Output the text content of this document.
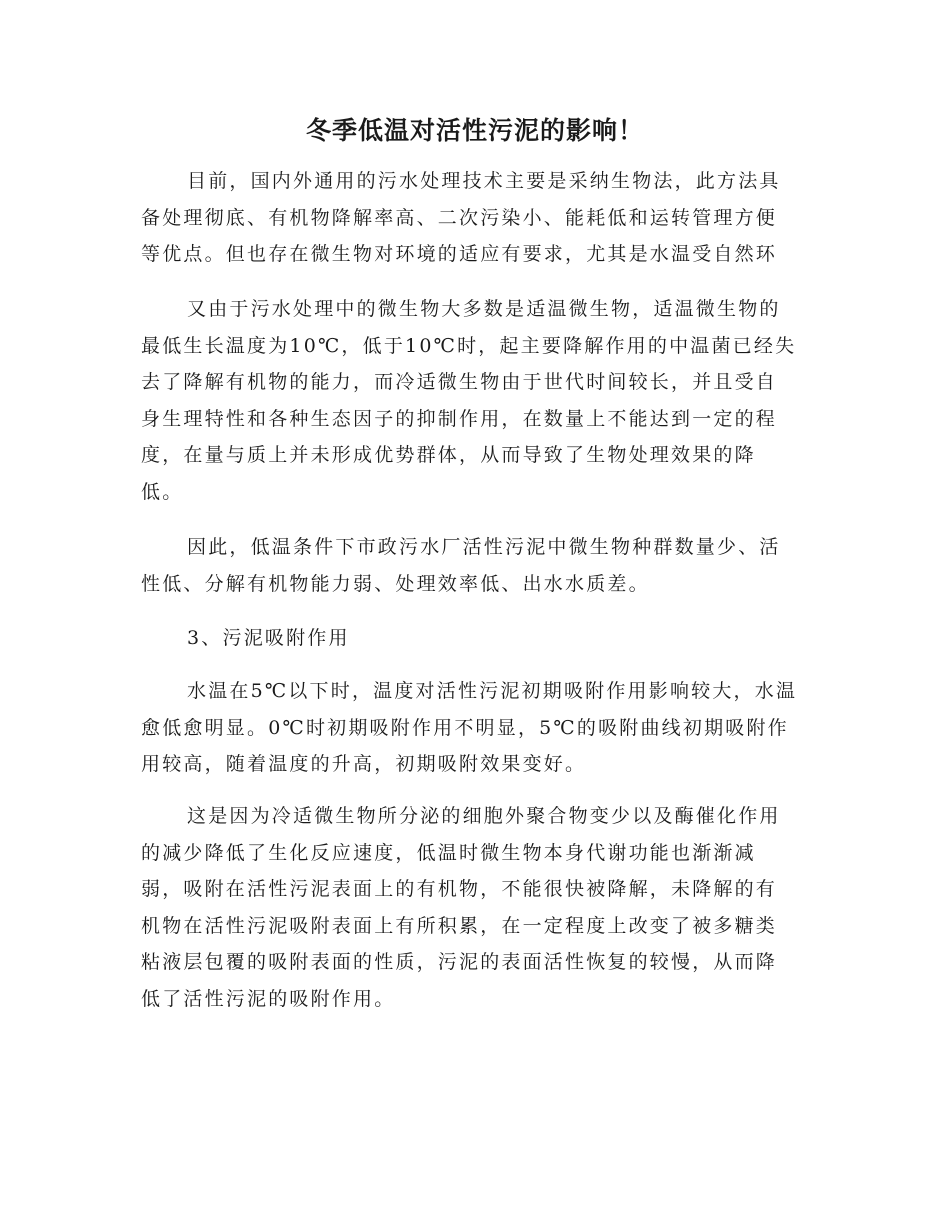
冬季低温对活性污泥的影响！
目前，国内外通用的污水处理技术主要是采纳生物法，此方法具
备处理彻底、有机物降解率高、二次污染小、能耗低和运转管理方便
等优点。但也存在微生物对环境的适应有要求，尤其是水温受自然环
又由于污水处理中的微生物大多数是适温微生物，适温微生物的
最低生长温度为10℃，低于10℃时，起主要降解作用的中温菌已经失
去了降解有机物的能力，而冷适微生物由于世代时间较长，并且受自
身生理特性和各种生态因子的抑制作用，在数量上不能达到一定的程
度，在量与质上并未形成优势群体，从而导致了生物处理效果的降
低。
因此，低温条件下市政污水厂活性污泥中微生物种群数量少、活
性低、分解有机物能力弱、处理效率低、出水水质差。
3、污泥吸附作用
水温在5℃以下时，温度对活性污泥初期吸附作用影响较大，水温
愈低愈明显。0℃时初期吸附作用不明显，5℃的吸附曲线初期吸附作
用较高，随着温度的升高，初期吸附效果变好。
这是因为冷适微生物所分泌的细胞外聚合物变少以及酶催化作用
的减少降低了生化反应速度，低温时微生物本身代谢功能也渐渐减
弱，吸附在活性污泥表面上的有机物，不能很快被降解，未降解的有
机物在活性污泥吸附表面上有所积累，在一定程度上改变了被多糖类
粘液层包覆的吸附表面的性质，污泥的表面活性恢复的较慢，从而降
低了活性污泥的吸附作用。
